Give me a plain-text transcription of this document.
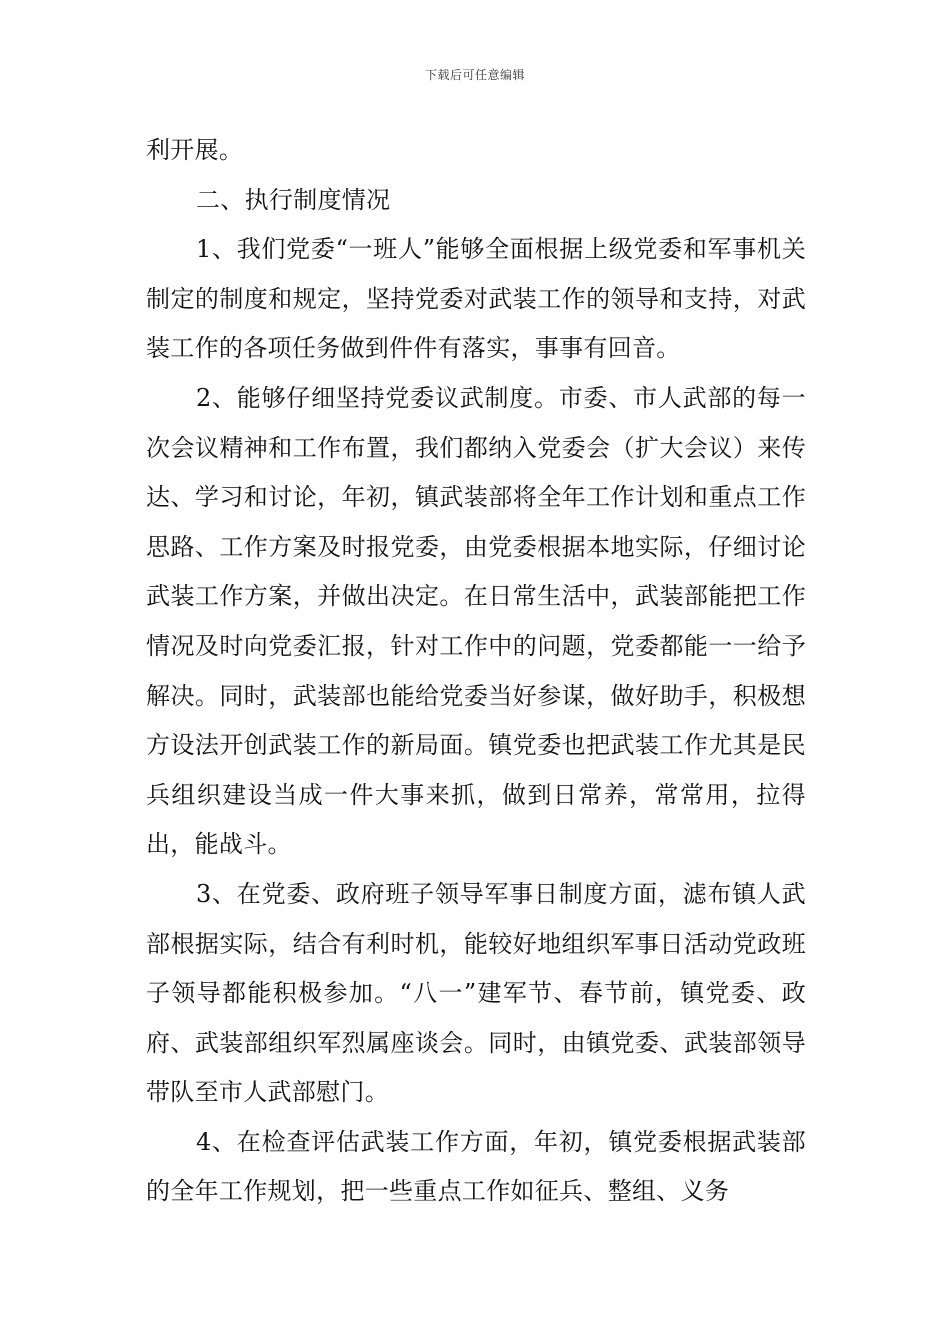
下载后可任意编辑

利开展。

二、执行制度情况

1、我们党委“一班人”能够全面根据上级党委和军事机关制定的制度和规定，坚持党委对武装工作的领导和支持，对武装工作的各项任务做到件件有落实，事事有回音。

2、能够仔细坚持党委议武制度。市委、市人武部的每一次会议精神和工作布置，我们都纳入党委会（扩大会议）来传达、学习和讨论，年初，镇武装部将全年工作计划和重点工作思路、工作方案及时报党委，由党委根据本地实际，仔细讨论武装工作方案，并做出决定。在日常生活中，武装部能把工作情况及时向党委汇报，针对工作中的问题，党委都能一一给予解决。同时，武装部也能给党委当好参谋，做好助手，积极想方设法开创武装工作的新局面。镇党委也把武装工作尤其是民兵组织建设当成一件大事来抓，做到日常养，常常用，拉得出，能战斗。

3、在党委、政府班子领导军事日制度方面，滤布镇人武部根据实际，结合有利时机，能较好地组织军事日活动党政班子领导都能积极参加。“八一”建军节、春节前，镇党委、政府、武装部组织军烈属座谈会。同时，由镇党委、武装部领导带队至市人武部慰门。

4、在检查评估武装工作方面，年初，镇党委根据武装部的全年工作规划，把一些重点工作如征兵、整组、义务
